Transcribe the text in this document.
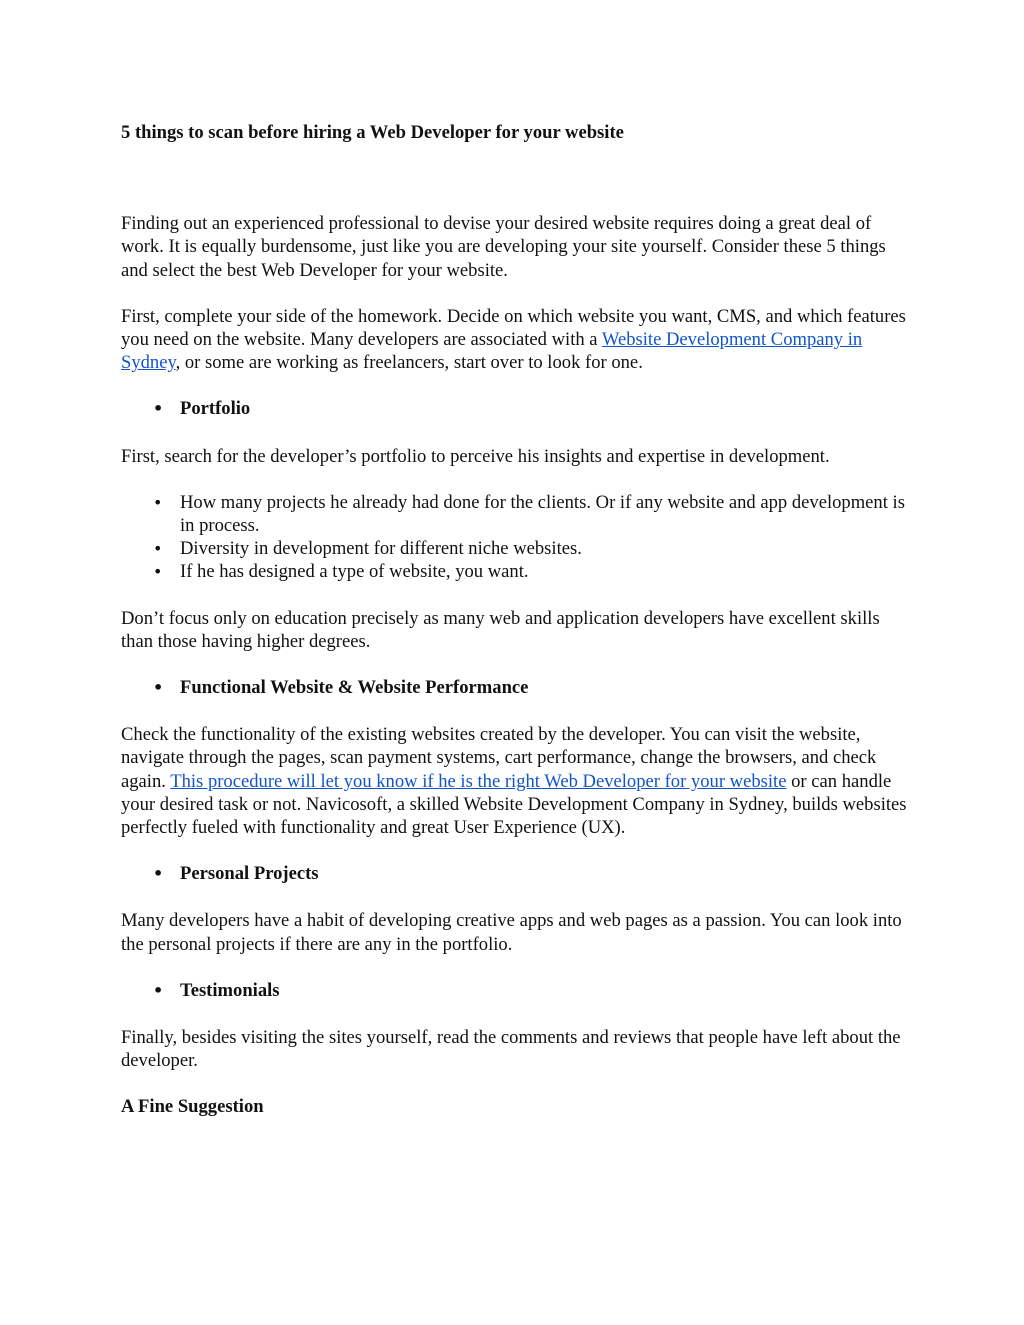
5 things to scan before hiring a Web Developer for your website

Finding out an experienced professional to devise your desired website requires doing a great deal of work. It is equally burdensome, just like you are developing your site yourself. Consider these 5 things and select the best Web Developer for your website.

First, complete your side of the homework. Decide on which website you want, CMS, and which features you need on the website. Many developers are associated with a Website Development Company in Sydney, or some are working as freelancers, start over to look for one.

• Portfolio

First, search for the developer’s portfolio to perceive his insights and expertise in development.

• How many projects he already had done for the clients. Or if any website and app development is in process.
• Diversity in development for different niche websites.
• If he has designed a type of website, you want.

Don’t focus only on education precisely as many web and application developers have excellent skills than those having higher degrees.

• Functional Website & Website Performance

Check the functionality of the existing websites created by the developer. You can visit the website, navigate through the pages, scan payment systems, cart performance, change the browsers, and check again. This procedure will let you know if he is the right Web Developer for your website or can handle your desired task or not. Navicosoft, a skilled Website Development Company in Sydney, builds websites perfectly fueled with functionality and great User Experience (UX).

• Personal Projects

Many developers have a habit of developing creative apps and web pages as a passion. You can look into the personal projects if there are any in the portfolio.

• Testimonials

Finally, besides visiting the sites yourself, read the comments and reviews that people have left about the developer.

A Fine Suggestion
